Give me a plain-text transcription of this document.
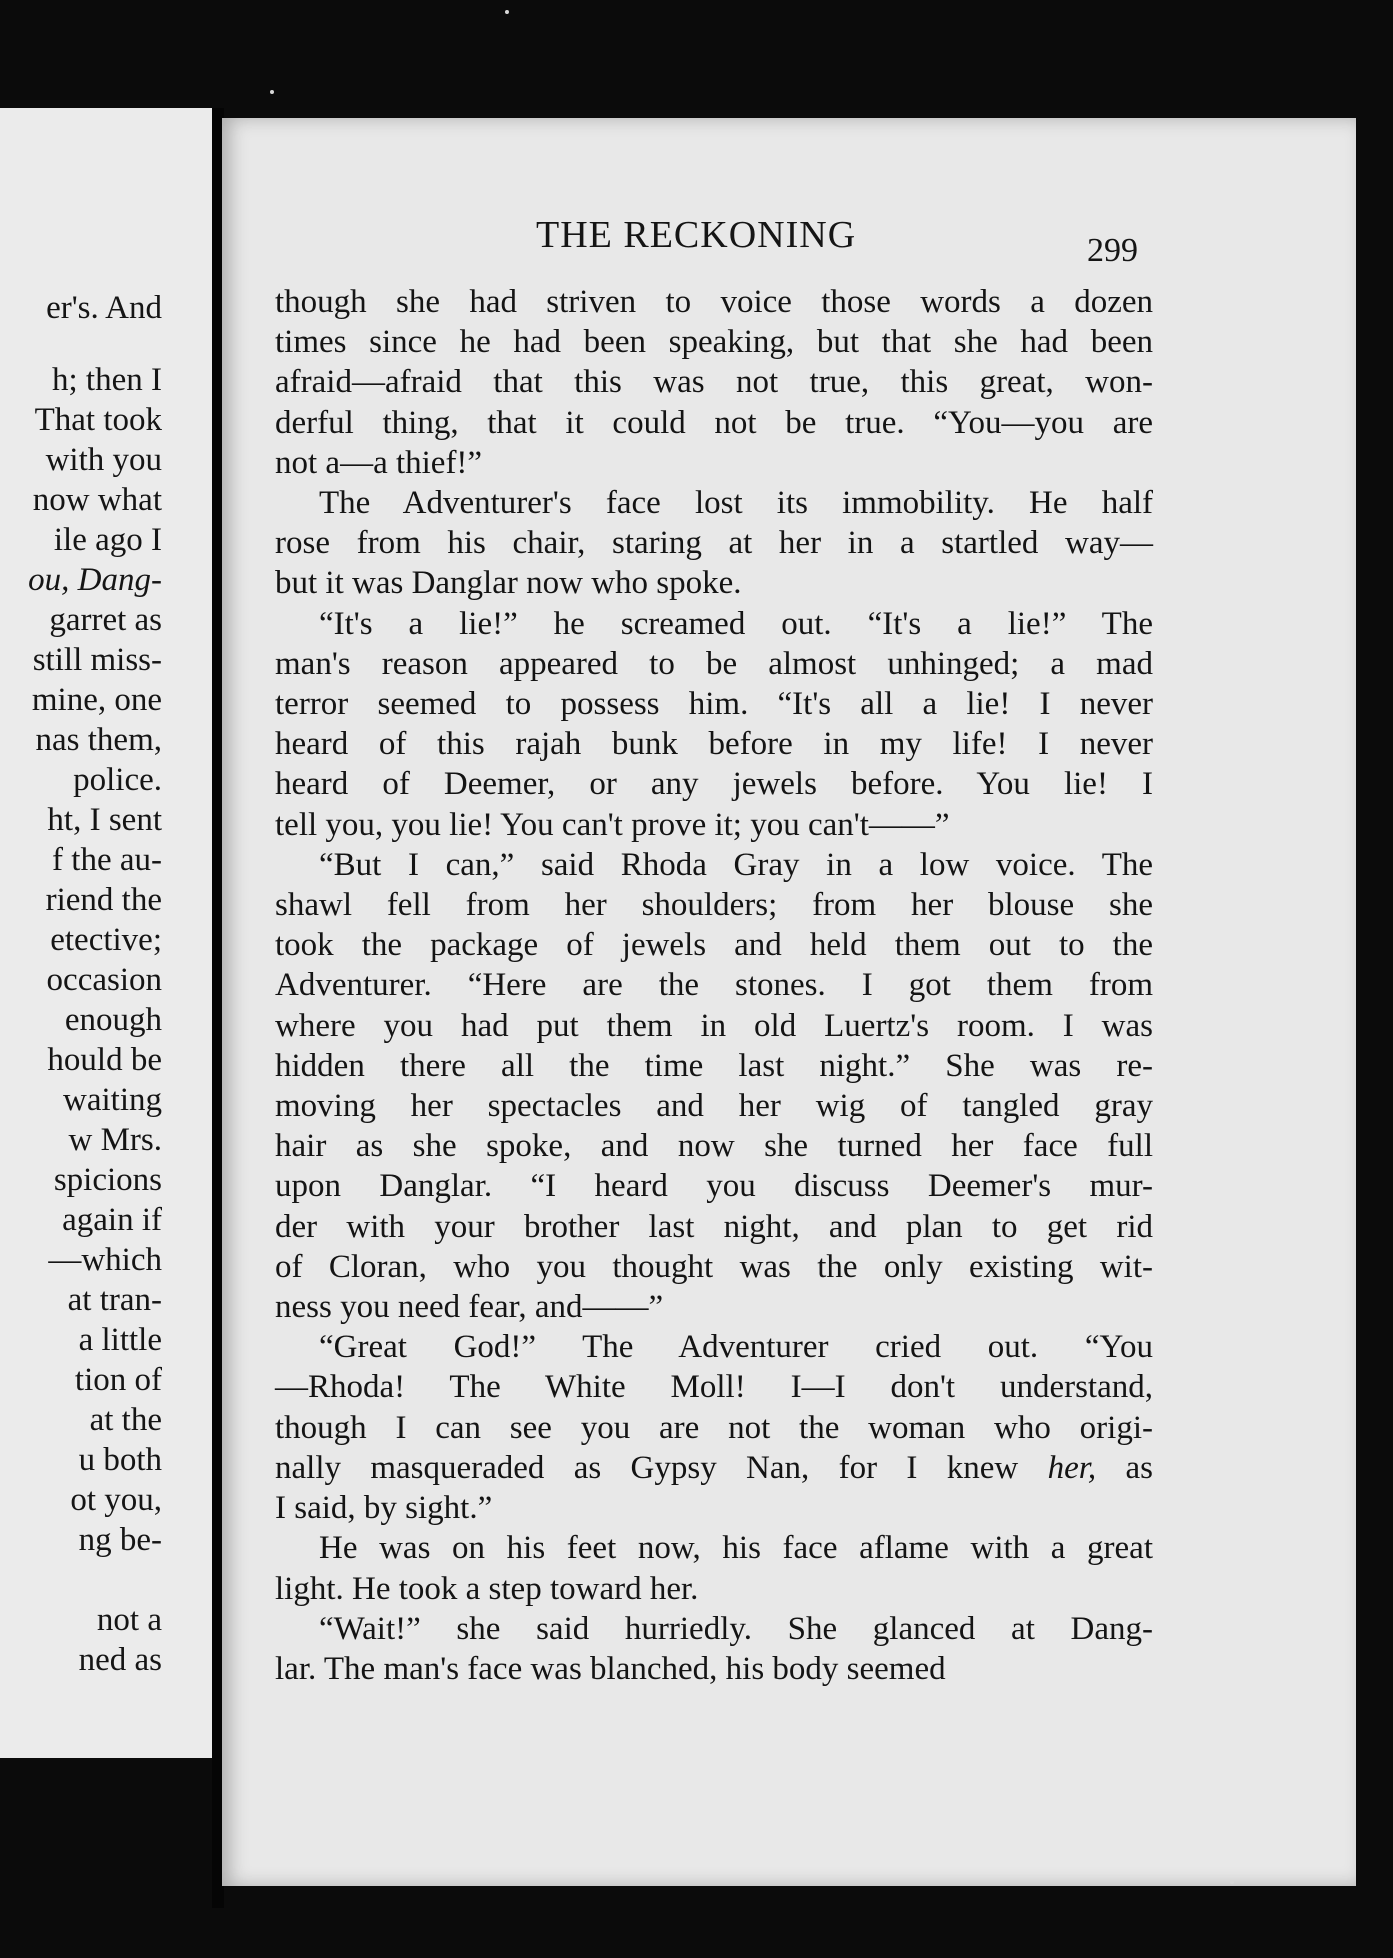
THE RECKONING	299
though she had striven to voice those words a dozen
times since he had been speaking, but that she had been
afraid—afraid that this was not true, this great, won-
derful thing, that it could not be true. “You—you are
not a—a thief!”
The Adventurer's face lost its immobility. He half
rose from his chair, staring at her in a startled way—
but it was Danglar now who spoke.
“It's a lie!” he screamed out. “It's a lie!” The
man's reason appeared to be almost unhinged; a mad
terror seemed to possess him. “It's all a lie! I never
heard of this rajah bunk before in my life! I never
heard of Deemer, or any jewels before. You lie! I
tell you, you lie! You can't prove it; you can't——”
“But I can,” said Rhoda Gray in a low voice. The
shawl fell from her shoulders; from her blouse she
took the package of jewels and held them out to the
Adventurer. “Here are the stones. I got them from
where you had put them in old Luertz's room. I was
hidden there all the time last night.” She was re-
moving her spectacles and her wig of tangled gray
hair as she spoke, and now she turned her face full
upon Danglar. “I heard you discuss Deemer's mur-
der with your brother last night, and plan to get rid
of Cloran, who you thought was the only existing wit-
ness you need fear, and——”
“Great God!” The Adventurer cried out. “You
—Rhoda! The White Moll! I—I don't understand,
though I can see you are not the woman who origi-
nally masqueraded as Gypsy Nan, for I knew her, as
I said, by sight.”
He was on his feet now, his face aflame with a great
light. He took a step toward her.
“Wait!” she said hurriedly. She glanced at Dang-
lar. The man's face was blanched, his body seemed
er's. And
h; then I
That took
with you
now what
ile ago I
ou, Dang-
garret as
still miss-
mine, one
nas them,
police.
ht, I sent
f the au-
riend the
etective;
occasion
enough
hould be
waiting
w Mrs.
spicions
again if
—which
at tran-
a little
tion of
at the
u both
ot you,
ng be-
not a
ned as
